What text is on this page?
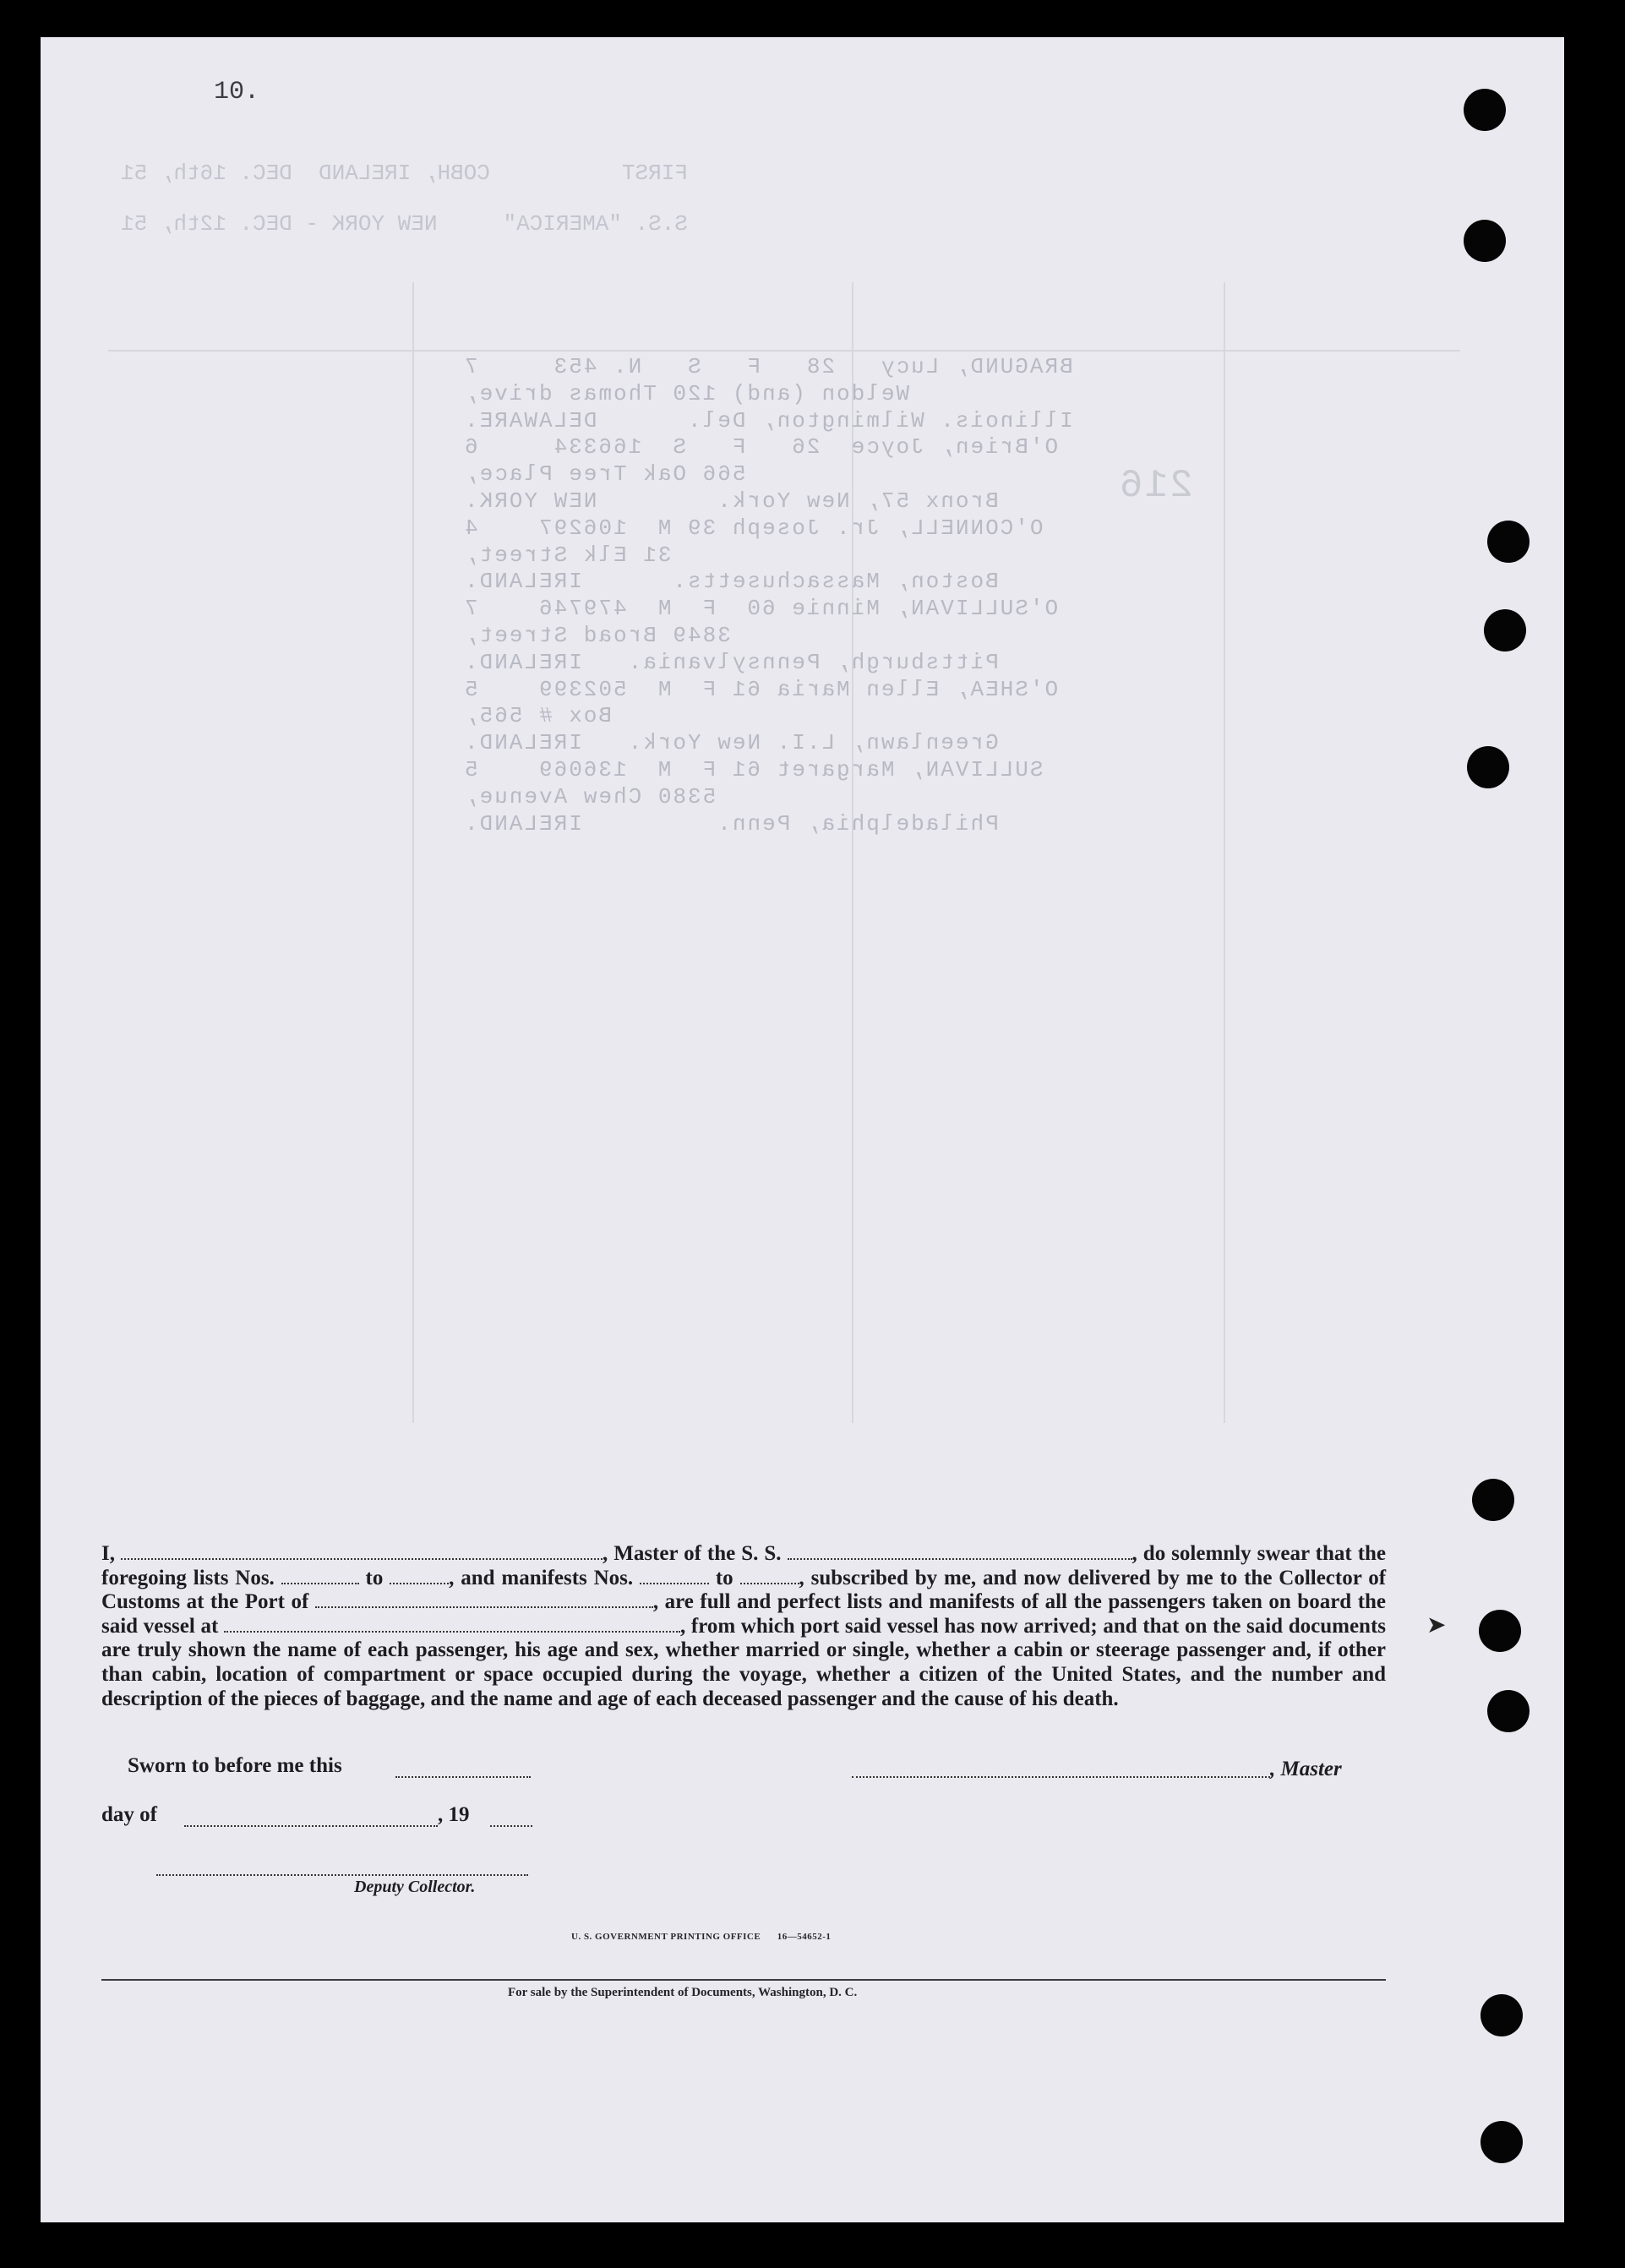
10.
FIRST          COBH, IRELAND  DEC. 16th, 51
S.S. "AMERICA"     NEW YORK - DEC. 12th, 51
BRAGUND, Lucy   28   F   S   N. 453     7
Weldon (and) 120 Thomas drive,
Illinois. Wilmington, Del.      DELAWARE.
O'Brien, Joyce  26   F   S  166334     6
566 Oak Tree Place,
Bronx 57, New York.        NEW YORK.
O'CONNELL, Jr. Joseph 39 M  106297    4
31 Elk Street,
Boston, Massachusetts.      IRELAND.
O'SULLIVAN, Minnie 60  F  M  479746    7
3849 Broad Street,
Pittsburgh, Pennsylvania.   IRELAND.
O'SHEA, Ellen Maria 61 F  M  502399    5
Box # 565,
Greenlawn, L.I. New York.   IRELAND.
SULLIVAN, Margaret 61 F  M  136069    5
5380 Chew Avenue,
Philadelphia, Penn.         IRELAND.
216
I,	, Master of the S. S.	, do solemnly swear that the foregoing lists Nos.	to	, and manifests Nos.	to	, subscribed by me, and now delivered by me to the Collector of Customs at the Port of	, are full and perfect lists and manifests of all the passengers taken on board the said vessel at	, from which port said vessel has now arrived; and that on the said documents are truly shown the name of each passenger, his age and sex, whether married or single, whether a cabin or steerage passenger and, if other than cabin, location of compartment or space occupied during the voyage, whether a citizen of the United States, and the number and description of the pieces of baggage, and the name and age of each deceased passenger and the cause of his death.
Sworn to before me this	, Master
day of	, 19
Deputy Collector.
U. S. GOVERNMENT PRINTING OFFICE 16—54652-1
For sale by the Superintendent of Documents, Washington, D. C.
➤
